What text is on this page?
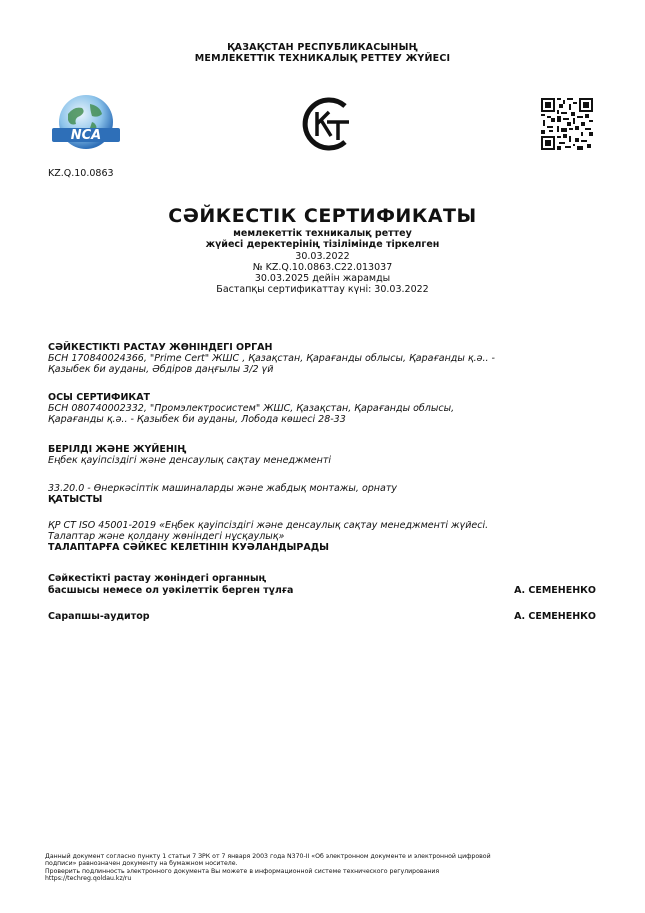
ҚАЗАҚСТАН РЕСПУБЛИКАСЫНЫҢ
МЕМЛЕКЕТТІК ТЕХНИКАЛЫҚ РЕТТЕУ ЖҮЙЕСІ
NCA
KZ.Q.10.0863
СӘЙКЕСТІК СЕРТИФИКАТЫ
мемлекеттік техникалық реттеу
жүйесі деректерінің тізілімінде тіркелген
30.03.2022
№ KZ.Q.10.0863.C22.013037
30.03.2025 дейін жарамды
Бастапқы сертификаттау күні: 30.03.2022
СӘЙКЕСТІКТІ РАСТАУ ЖӨНІНДЕГІ ОРГАН
БСН 170840024366, "Prime Cert" ЖШС , Қазақстан, Қарағанды облысы, Қарағанды қ.ә.. -
Қазыбек би ауданы, Әбдіров даңғылы 3/2 үй
ОСЫ СЕРТИФИКАТ
БСН 080740002332, "Промэлектросистем" ЖШС, Қазақстан, Қарағанды облысы,
Қарағанды қ.ә.. - Қазыбек би ауданы, Лобода көшесі 28-33
БЕРІЛДІ ЖӘНЕ ЖҮЙЕНІҢ
Еңбек қауіпсіздігі және денсаулық сақтау менеджменті
33.20.0 - Өнеркәсіптік машиналарды және жабдық монтажы, орнату
ҚАТЫСТЫ
ҚР СТ ISO 45001-2019 «Еңбек қауіпсіздігі және денсаулық сақтау менеджменті жүйесі.
Талаптар және қолдану жөніндегі нұсқаулық»
ТАЛАПТАРҒА СӘЙКЕС КЕЛЕТІНІН КУӘЛАНДЫРАДЫ
Сәйкестікті растау жөніндегі органның
басшысы немесе ол уәкілеттік берген тұлға	А. СЕМЕНЕНКО
Сарапшы-аудитор	А. СЕМЕНЕНКО
Данный документ согласно пункту 1 статьи 7 ЗРК от 7 января 2003 года N370-II «Об электронном документе и электронной цифровой
подписи» равнозначен документу на бумажном носителе.
Проверить подлинность электронного документа Вы можете в информационной системе технического регулирования
https://techreg.qoldau.kz/ru
